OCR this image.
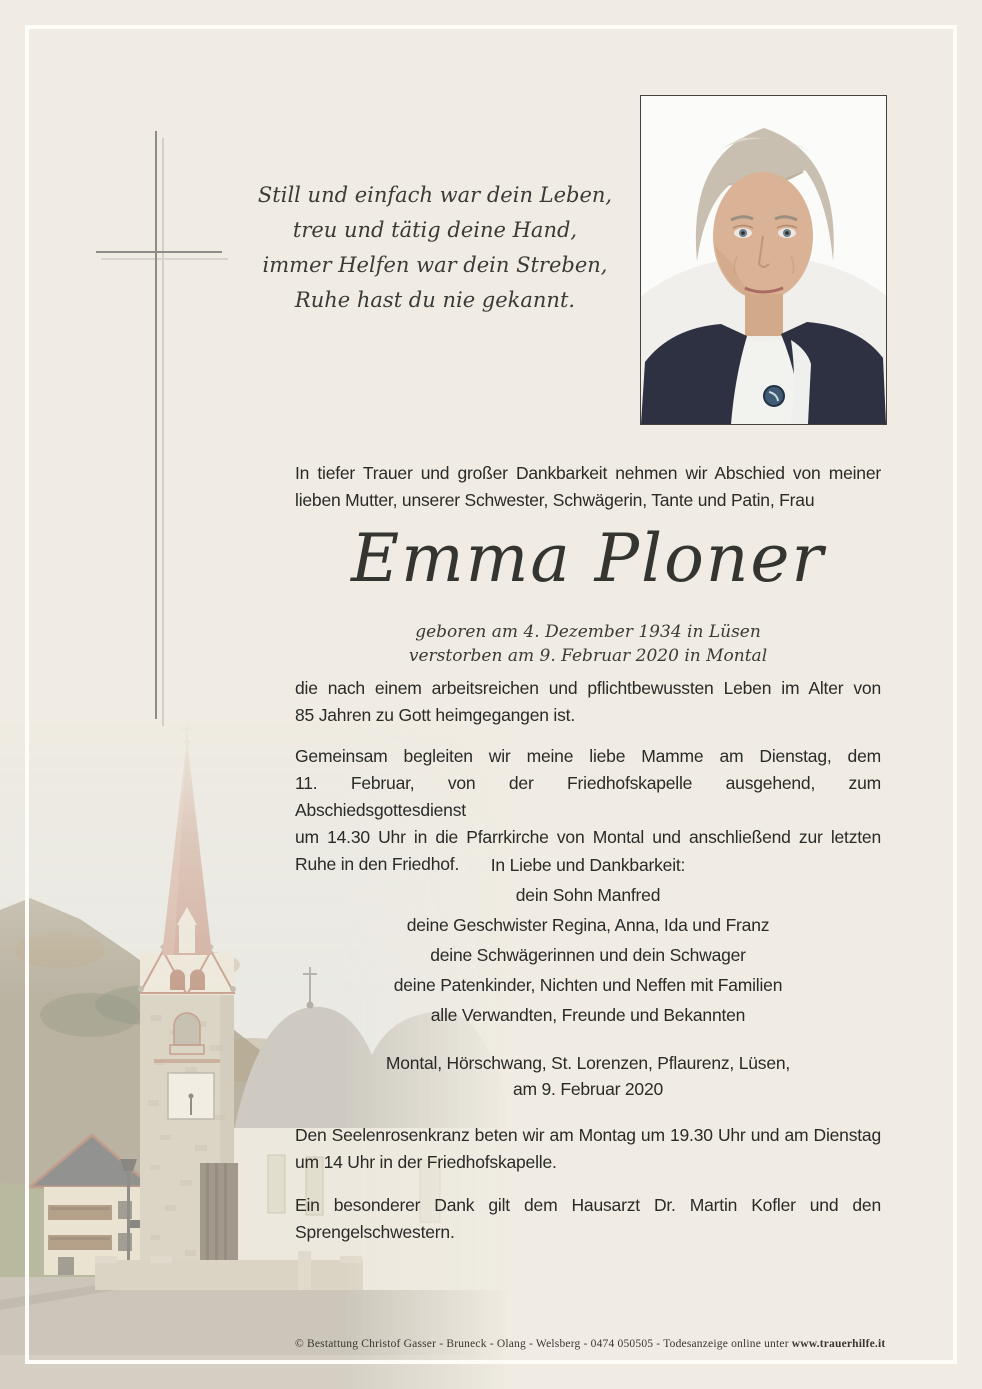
Still und einfach war dein Leben,
treu und tätig deine Hand,
immer Helfen war dein Streben,
Ruhe hast du nie gekannt.
In tiefer Trauer und großer Dankbarkeit nehmen wir Abschied von meiner
lieben Mutter, unserer Schwester, Schwägerin, Tante und Patin, Frau
Emma Ploner
geboren am 4. Dezember 1934 in Lüsen
verstorben am 9. Februar 2020 in Montal
die nach einem arbeitsreichen und pflichtbewussten Leben im Alter von
85 Jahren zu Gott heimgegangen ist.
Gemeinsam begleiten wir meine liebe Mamme am Dienstag, dem
11. Februar, von der Friedhofskapelle ausgehend, zum Abschiedsgottesdienst
um 14.30 Uhr in die Pfarrkirche von Montal und anschließend zur letzten
Ruhe in den Friedhof.	In Liebe und Dankbarkeit:
dein Sohn Manfred
deine Geschwister Regina, Anna, Ida und Franz
deine Schwägerinnen und dein Schwager
deine Patenkinder, Nichten und Neffen mit Familien
alle Verwandten, Freunde und Bekannten
Montal, Hörschwang, St. Lorenzen, Pflaurenz, Lüsen,
am 9. Februar 2020
Den Seelenrosenkranz beten wir am Montag um 19.30 Uhr und am Dienstag
um 14 Uhr in der Friedhofskapelle.
Ein besonderer Dank gilt dem Hausarzt Dr. Martin Kofler und den
Sprengelschwestern.
© Bestattung Christof Gasser - Bruneck - Olang - Welsberg - 0474 050505 - Todesanzeige online unter www.trauerhilfe.it
